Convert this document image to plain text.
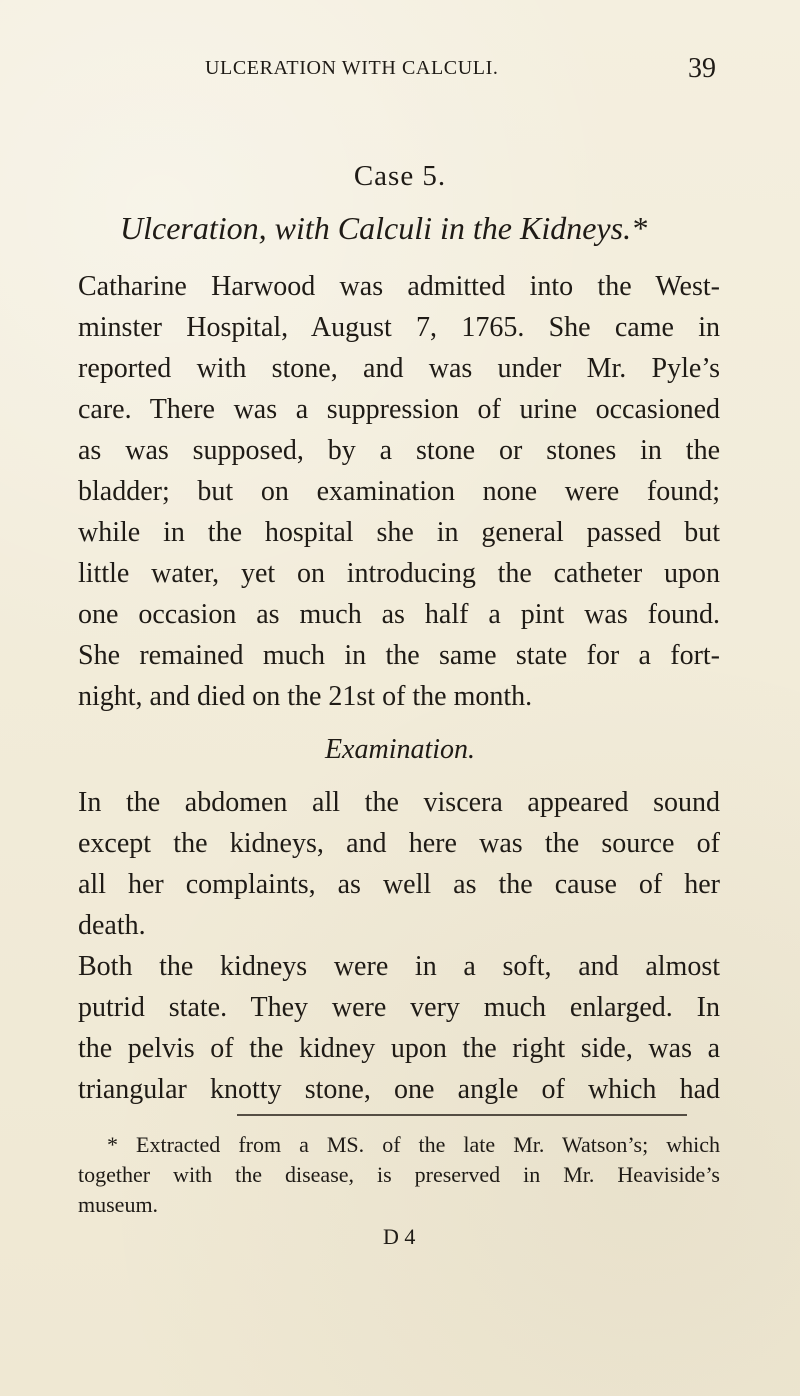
ULCERATION WITH CALCULI.	39
Case 5.
Ulceration, with Calculi in the Kidneys.*
Catharine Harwood was admitted into the West-
minster Hospital, August 7, 1765. She came in
reported with stone, and was under Mr. Pyle’s
care. There was a suppression of urine occasioned
as was supposed, by a stone or stones in the
bladder; but on examination none were found;
while in the hospital she in general passed but
little water, yet on introducing the catheter upon
one occasion as much as half a pint was found.
She remained much in the same state for a fort-
night, and died on the 21st of the month.
Examination.
In the abdomen all the viscera appeared sound
except the kidneys, and here was the source of
all her complaints, as well as the cause of her
death.
Both the kidneys were in a soft, and almost
putrid state. They were very much enlarged. In
the pelvis of the kidney upon the right side, was a
triangular knotty stone, one angle of which had
* Extracted from a MS. of the late Mr. Watson’s; which
together with the disease, is preserved in Mr. Heaviside’s
museum.
D 4
